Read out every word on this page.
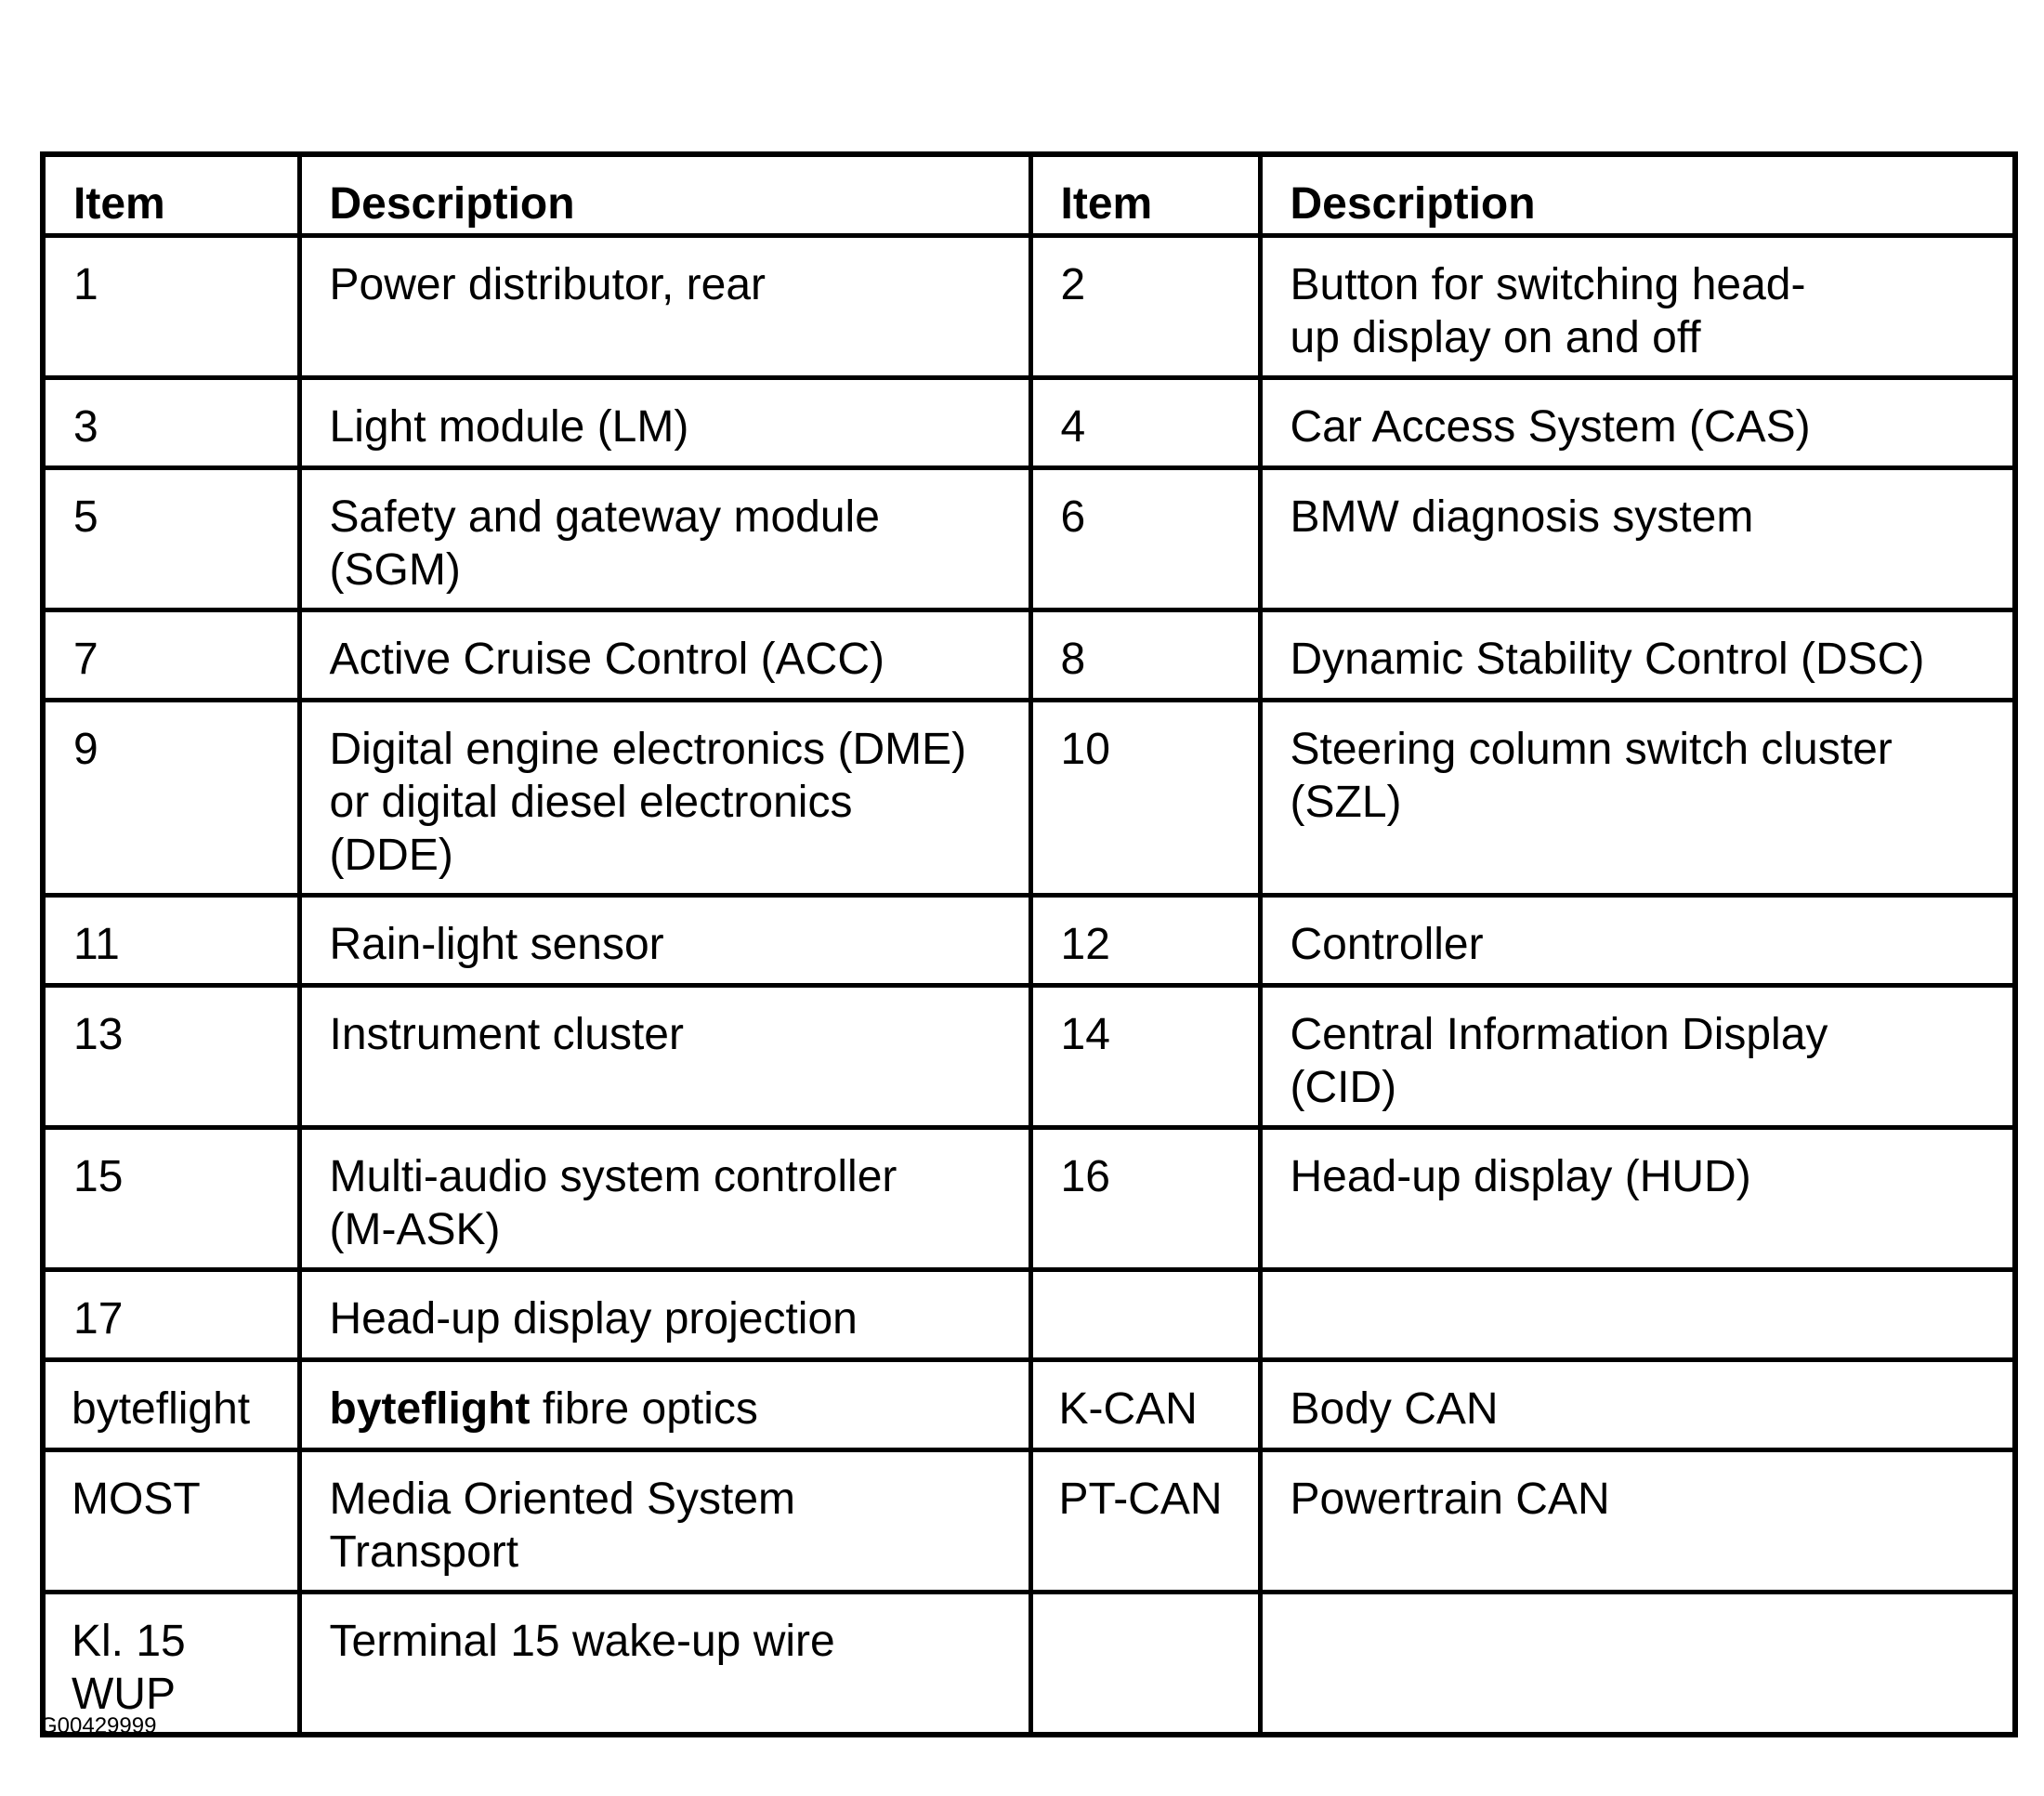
Item	Description	Item	Description

1	Power distributor, rear	2	Button for switching head-
up display on and off

3	Light module (LM)	4	Car Access System (CAS)

5	Safety and gateway module
(SGM)	6	BMW diagnosis system

7	Active Cruise Control (ACC)	8	Dynamic Stability Control (DSC)

9	Digital engine electronics (DME)
or digital diesel electronics
(DDE)	10	Steering column switch cluster
(SZL)

11	Rain-light sensor	12	Controller

13	Instrument cluster	14	Central Information Display
(CID)

15	Multi-audio system controller
(M-ASK)	16	Head-up display (HUD)

17	Head-up display projection		

byteflight	byteflight fibre optics	K-CAN	Body CAN

MOST	Media Oriented System
Transport	PT-CAN	Powertrain CAN

Kl. 15
WUP	Terminal 15 wake-up wire		

G00429999
